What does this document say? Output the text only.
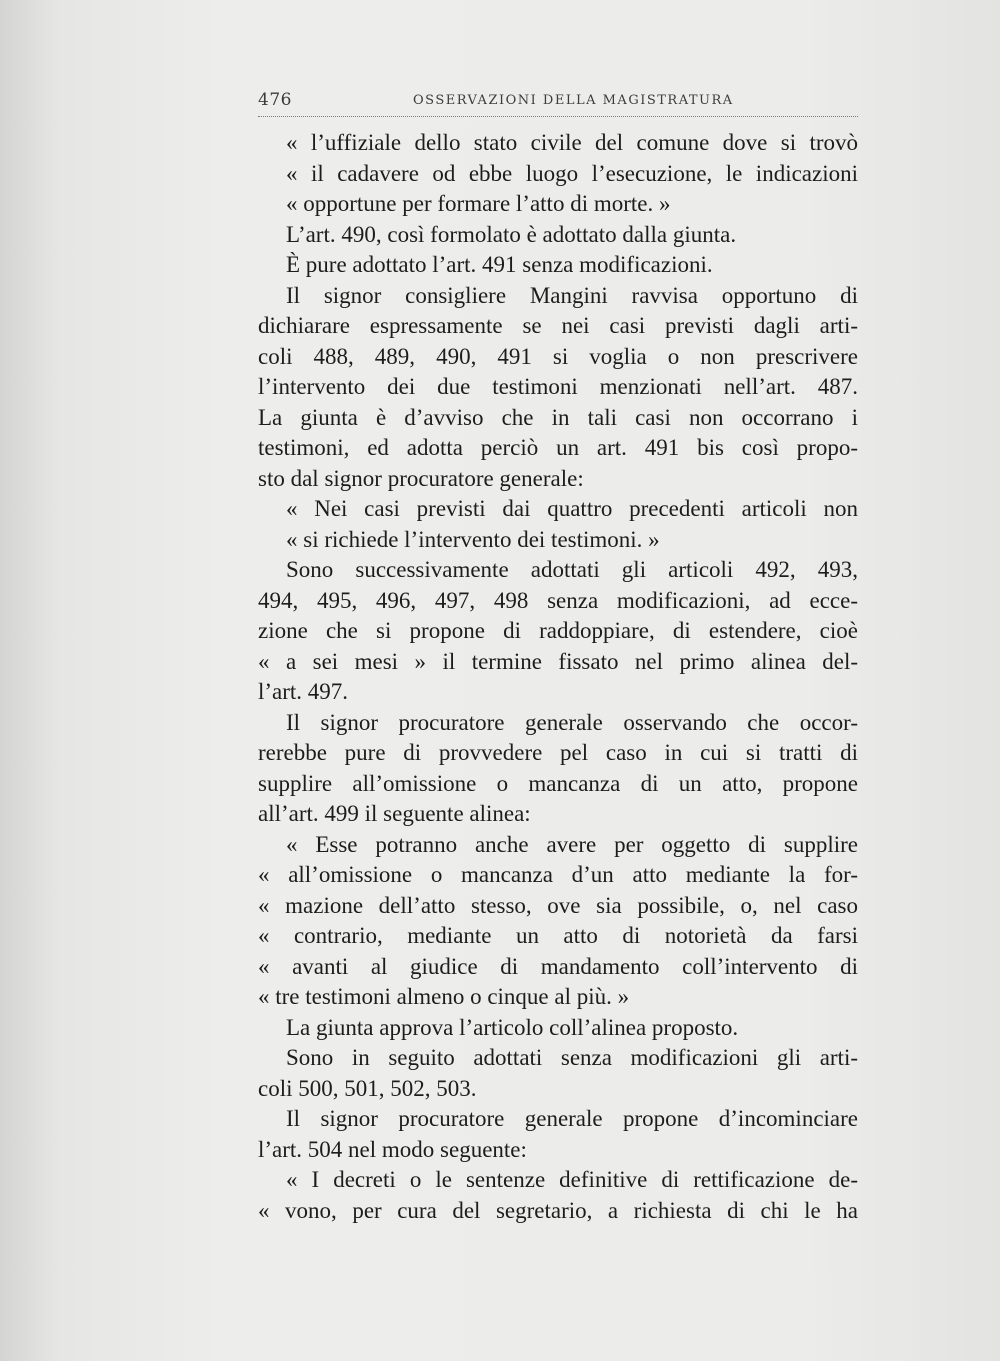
476	OSSERVAZIONI DELLA MAGISTRATURA
« l’uffiziale dello stato civile del comune dove si trovò
« il cadavere od ebbe luogo l’esecuzione, le indicazioni
« opportune per formare l’atto di morte. »
L’art. 490, così formolato è adottato dalla giunta.
È pure adottato l’art. 491 senza modificazioni.
Il signor consigliere Mangini ravvisa opportuno di
dichiarare espressamente se nei casi previsti dagli arti-
coli 488, 489, 490, 491 si voglia o non prescrivere
l’intervento dei due testimoni menzionati nell’art. 487.
La giunta è d’avviso che in tali casi non occorrano i
testimoni, ed adotta perciò un art. 491 bis così propo-
sto dal signor procuratore generale:
« Nei casi previsti dai quattro precedenti articoli non
« si richiede l’intervento dei testimoni. »
Sono successivamente adottati gli articoli 492, 493,
494, 495, 496, 497, 498 senza modificazioni, ad ecce-
zione che si propone di raddoppiare, di estendere, cioè
« a sei mesi » il termine fissato nel primo alinea del-
l’art. 497.
Il signor procuratore generale osservando che occor-
rerebbe pure di provvedere pel caso in cui si tratti di
supplire all’omissione o mancanza di un atto, propone
all’art. 499 il seguente alinea:
« Esse potranno anche avere per oggetto di supplire
« all’omissione o mancanza d’un atto mediante la for-
« mazione dell’atto stesso, ove sia possibile, o, nel caso
« contrario, mediante un atto di notorietà da farsi
« avanti al giudice di mandamento coll’intervento di
« tre testimoni almeno o cinque al più. »
La giunta approva l’articolo coll’alinea proposto.
Sono in seguito adottati senza modificazioni gli arti-
coli 500, 501, 502, 503.
Il signor procuratore generale propone d’incominciare
l’art. 504 nel modo seguente:
« I decreti o le sentenze definitive di rettificazione de-
« vono, per cura del segretario, a richiesta di chi le ha
